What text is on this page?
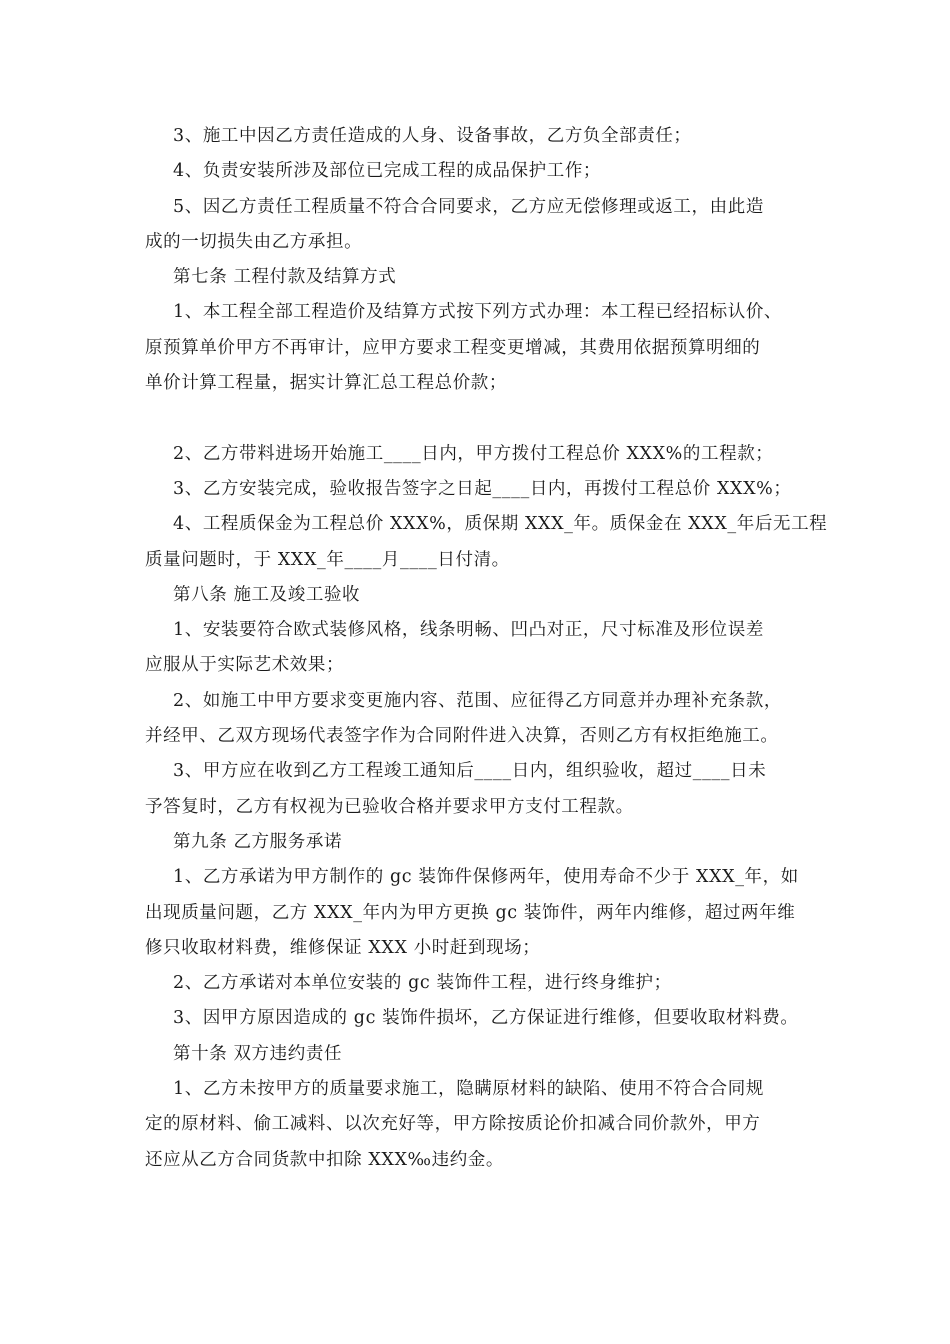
3、施工中因乙方责任造成的人身、设备事故，乙方负全部责任；
4、负责安装所涉及部位已完成工程的成品保护工作；
5、因乙方责任工程质量不符合合同要求，乙方应无偿修理或返工，由此造
成的一切损失由乙方承担。
第七条 工程付款及结算方式
1、本工程全部工程造价及结算方式按下列方式办理：本工程已经招标认价、
原预算单价甲方不再审计，应甲方要求工程变更增减，其费用依据预算明细的
单价计算工程量，据实计算汇总工程总价款；
2、乙方带料进场开始施工____日内，甲方拨付工程总价 XXX%的工程款；
3、乙方安装完成，验收报告签字之日起____日内，再拨付工程总价 XXX%；
4、工程质保金为工程总价 XXX%，质保期 XXX_年。质保金在 XXX_年后无工程
质量问题时，于 XXX_年____月____日付清。
第八条 施工及竣工验收
1、安装要符合欧式装修风格，线条明畅、凹凸对正，尺寸标准及形位误差
应服从于实际艺术效果；
2、如施工中甲方要求变更施内容、范围、应征得乙方同意并办理补充条款，
并经甲、乙双方现场代表签字作为合同附件进入决算，否则乙方有权拒绝施工。
3、甲方应在收到乙方工程竣工通知后____日内，组织验收，超过____日未
予答复时，乙方有权视为已验收合格并要求甲方支付工程款。
第九条 乙方服务承诺
1、乙方承诺为甲方制作的 gc 装饰件保修两年，使用寿命不少于 XXX_年，如
出现质量问题，乙方 XXX_年内为甲方更换 gc 装饰件，两年内维修，超过两年维
修只收取材料费，维修保证 XXX 小时赶到现场；
2、乙方承诺对本单位安装的 gc 装饰件工程，进行终身维护；
3、因甲方原因造成的 gc 装饰件损坏，乙方保证进行维修，但要收取材料费。
第十条 双方违约责任
1、乙方未按甲方的质量要求施工，隐瞒原材料的缺陷、使用不符合合同规
定的原材料、偷工减料、以次充好等，甲方除按质论价扣减合同价款外，甲方
还应从乙方合同货款中扣除 XXX‰违约金。
